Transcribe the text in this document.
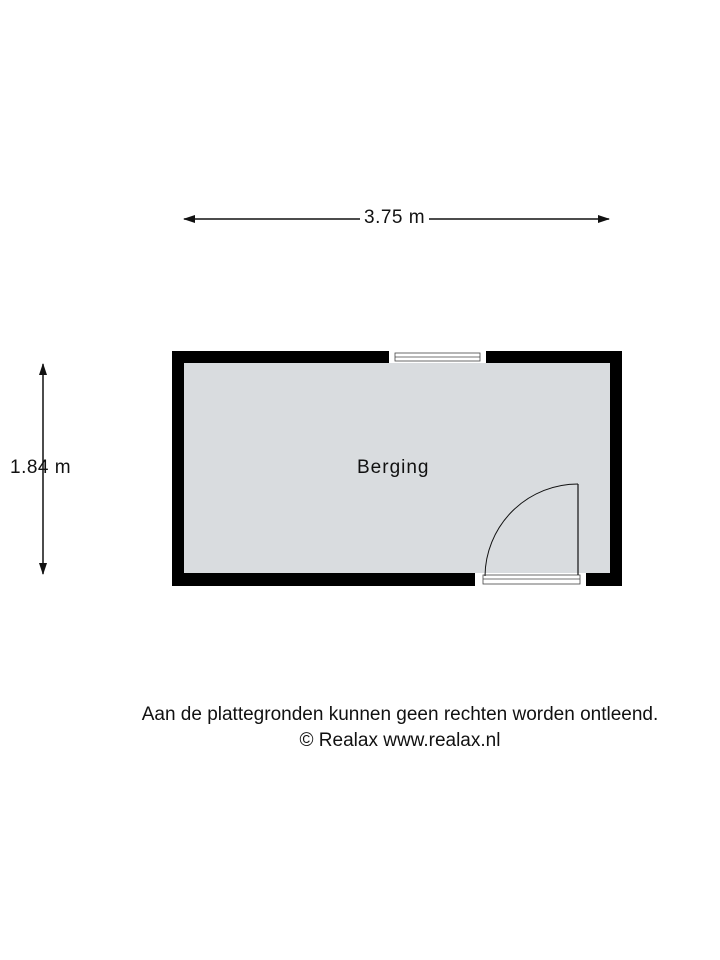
3.75 m
1.84 m	Berging
Aan de plattegronden kunnen geen rechten worden ontleend.
© Realax www.realax.nl
